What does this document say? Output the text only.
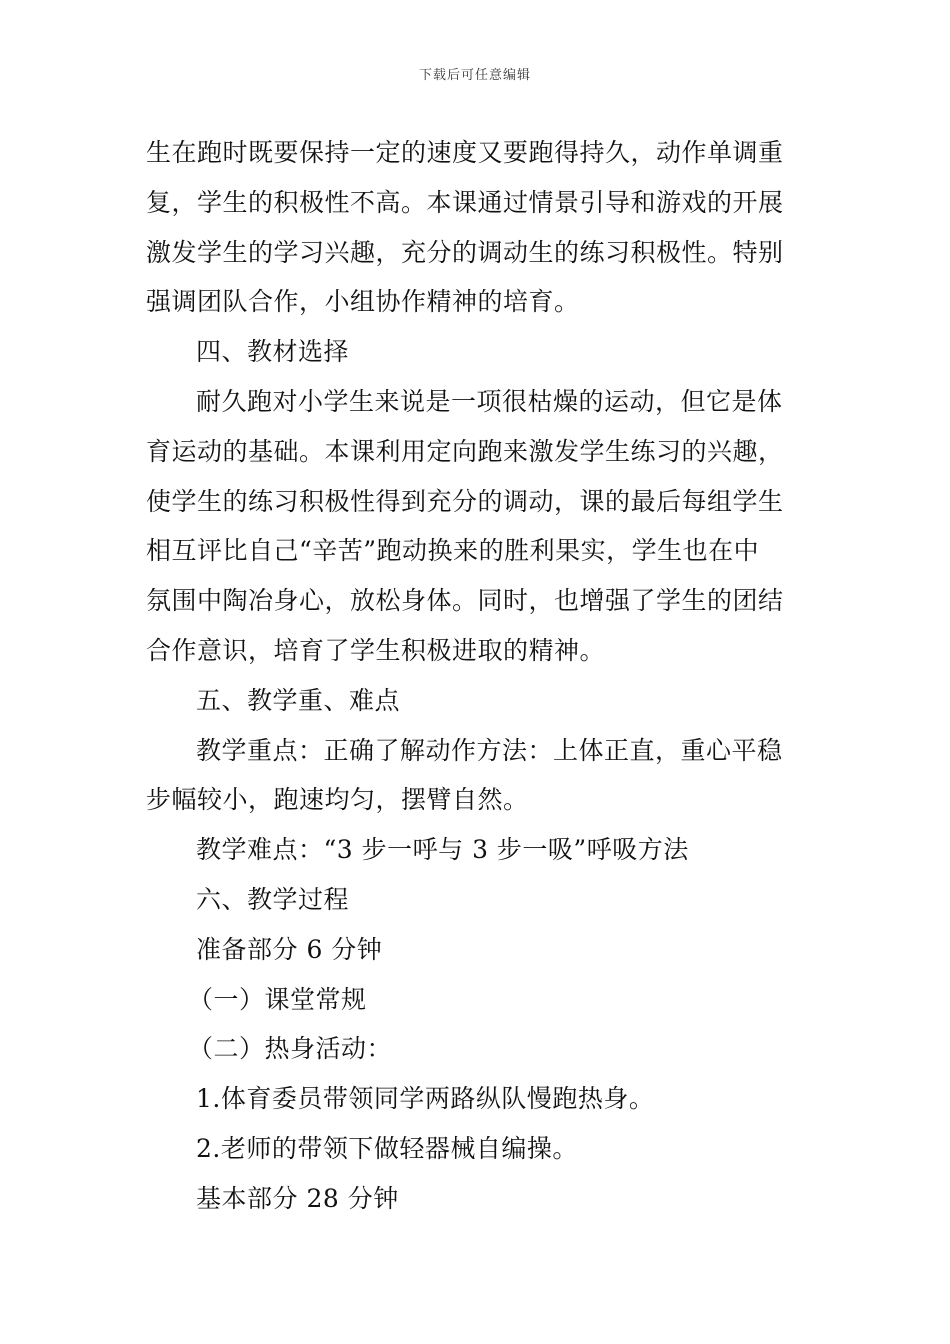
下载后可任意编辑
生在跑时既要保持一定的速度又要跑得持久，动作单调重
复，学生的积极性不高。本课通过情景引导和游戏的开展
激发学生的学习兴趣，充分的调动生的练习积极性。特别
强调团队合作，小组协作精神的培育。
四、教材选择
耐久跑对小学生来说是一项很枯燥的运动，但它是体
育运动的基础。本课利用定向跑来激发学生练习的兴趣，
使学生的练习积极性得到充分的调动，课的最后每组学生
相互评比自己“辛苦”跑动换来的胜利果实，学生也在中
氛围中陶冶身心，放松身体。同时，也增强了学生的团结
合作意识，培育了学生积极进取的精神。
五、教学重、难点
教学重点：正确了解动作方法：上体正直，重心平稳
步幅较小，跑速均匀，摆臂自然。
教学难点：“3 步一呼与 3 步一吸”呼吸方法
六、教学过程
准备部分 6 分钟
（一）课堂常规
（二）热身活动：
1.体育委员带领同学两路纵队慢跑热身。
2.老师的带领下做轻器械自编操。
基本部分 28 分钟
